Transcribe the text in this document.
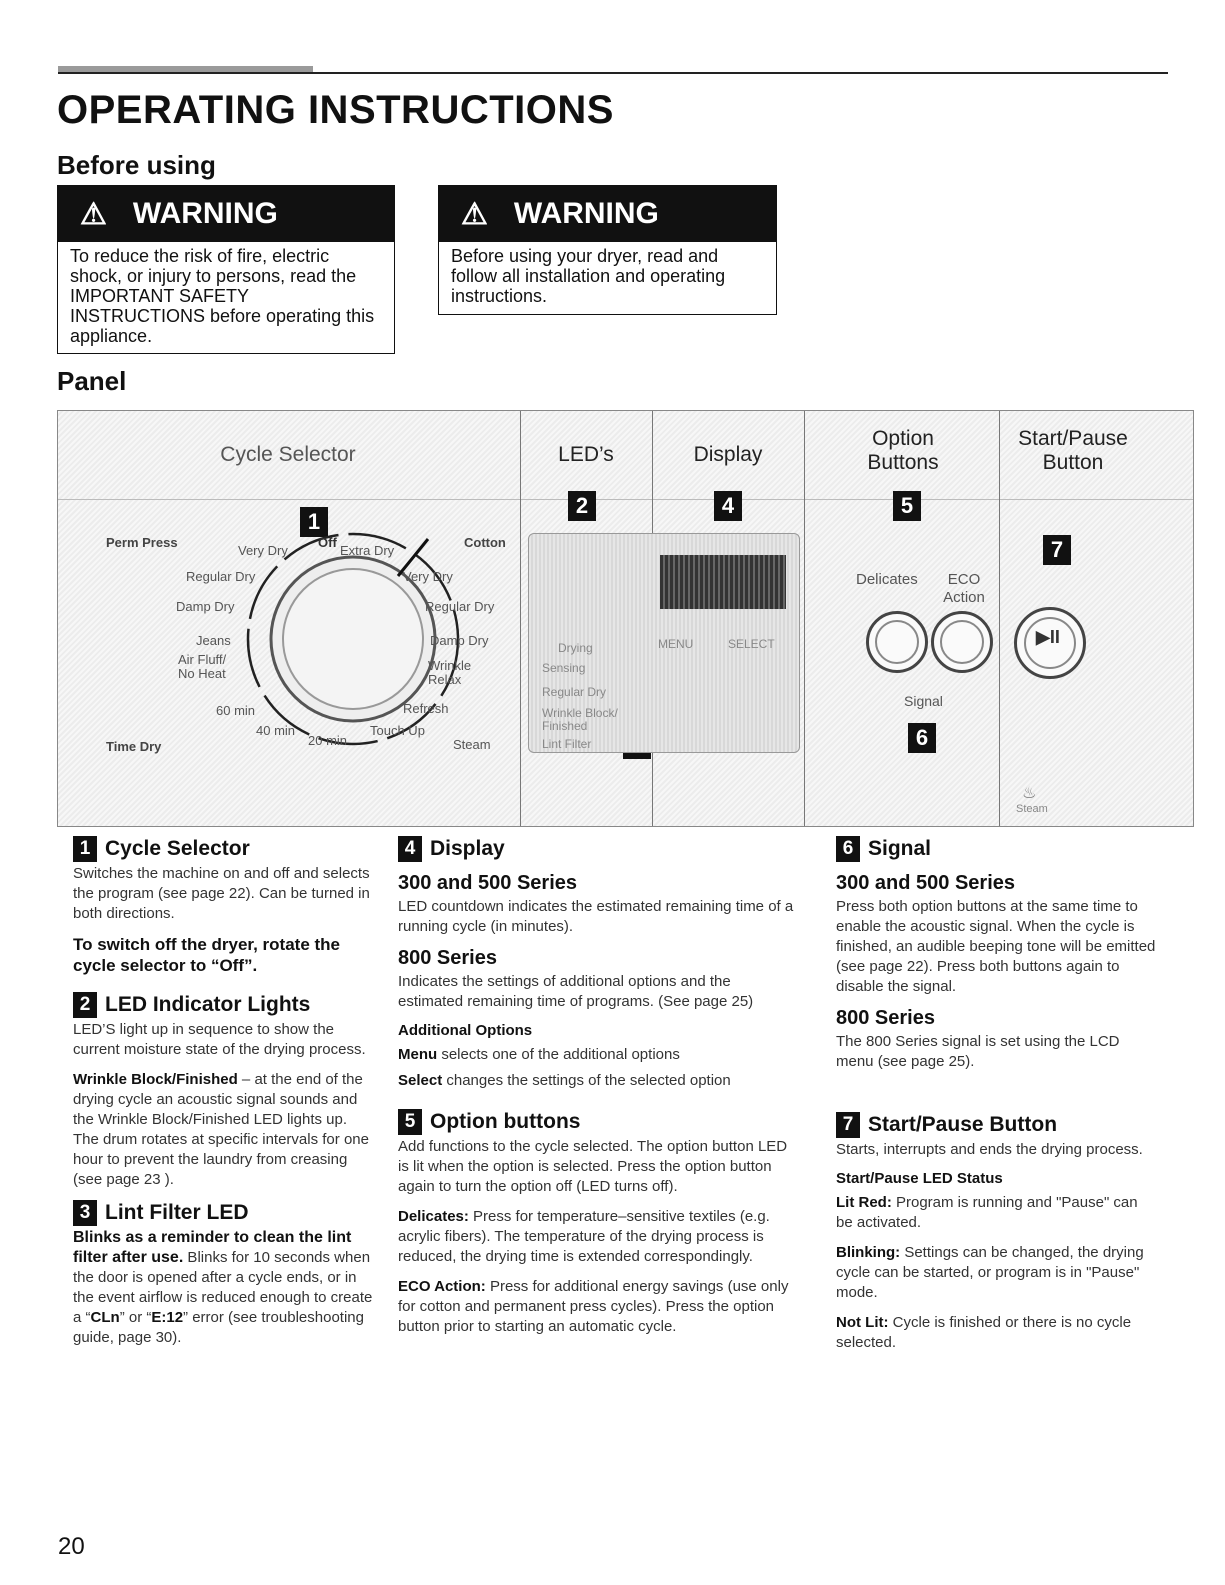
OPERATING INSTRUCTIONS
Before using
⚠ WARNING
To reduce the risk of fire, electric shock, or injury to persons, read the IMPORTANT SAFETY INSTRUCTIONS before operating this appliance.
⚠ WARNING
Before using your dryer, read and follow all installation and operating instructions.
Panel
Cycle Selector	LED’s	Display
Option Buttons
Start/Pause Button
1
2	4	5
6
7
Perm Press	Cotton
Time Dry
Off
Very Dry
Regular Dry
Damp Dry
Jeans
Air Fluff/ No Heat
60 min
40 min
20 min
Extra Dry
Very Dry
Regular Dry
Damp Dry
Wrinkle Relax
Refresh
Touch Up
Steam
Drying
Sensing
Regular Dry
Wrinkle Block/ Finished
Lint Filter
MENU	SELECT
Delicates	ECO Action
Signal
▶II
♨
Steam
1 Cycle Selector
Switches the machine on and off and selects the program (see page 22). Can be turned in both directions.
To switch off the dryer, rotate the cycle selector to “Off”.
2 LED Indicator Lights
LED’S light up in sequence to show the current moisture state of the drying process.
Wrinkle Block/Finished – at the end of the drying cycle an acoustic signal sounds and the Wrinkle Block/Finished LED lights up. The drum rotates at specific intervals for one hour to prevent the laundry from creasing (see page 23 ).
3 Lint Filter LED
Blinks as a reminder to clean the lint filter after use. Blinks for 10 seconds when the door is opened after a cycle ends, or in the event airflow is reduced enough to create a “CLn” or “E:12” error (see troubleshooting guide, page 30).
4 Display
300 and 500 Series
LED countdown indicates the estimated remaining time of a running cycle (in minutes).
800 Series
Indicates the settings of additional options and the estimated remaining time of programs. (See page 25)
Additional Options
Menu selects one of the additional options
Select changes the settings of the selected option
5 Option buttons
Add functions to the cycle selected. The option button LED is lit when the option is selected. Press the option button again to turn the option off (LED turns off).
Delicates: Press for temperature–sensitive textiles (e.g. acrylic fibers). The temperature of the drying process is reduced, the drying time is extended correspondingly.
ECO Action: Press for additional energy savings (use only for cotton and permanent press cycles). Press the option button prior to starting an automatic cycle.
6 Signal
300 and 500 Series
Press both option buttons at the same time to enable the acoustic signal. When the cycle is finished, an audible beeping tone will be emitted (see page 22). Press both buttons again to disable the signal.
800 Series
The 800 Series signal is set using the LCD menu (see page 25).
7 Start/Pause Button
Starts, interrupts and ends the drying process.
Start/Pause LED Status
Lit Red: Program is running and "Pause" can be activated.
Blinking: Settings can be changed, the drying cycle can be started, or program is in "Pause" mode.
Not Lit: Cycle is finished or there is no cycle selected.
20
